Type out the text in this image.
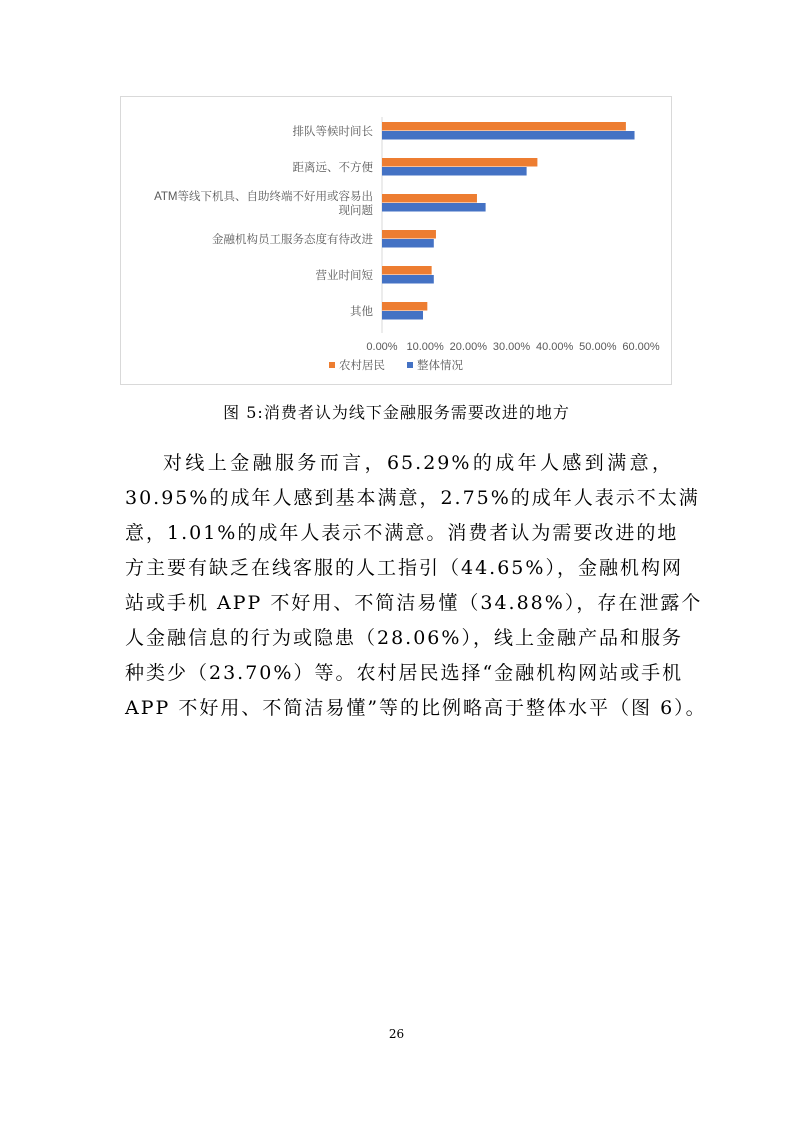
排队等候时间长
距离远、不方便
ATM等线下机具、自助终端不好用或容易出
现问题
金融机构员工服务态度有待改进
营业时间短
其他
0.00% 10.00% 20.00% 30.00% 40.00% 50.00% 60.00%
农村居民	整体情况
图 5:消费者认为线下金融服务需要改进的地方
对线上金融服务而言，65.29%的成年人感到满意，
30.95%的成年人感到基本满意，2.75%的成年人表示不太满
意，1.01%的成年人表示不满意。消费者认为需要改进的地
方主要有缺乏在线客服的人工指引（44.65%），金融机构网
站或手机 APP 不好用、不简洁易懂（34.88%），存在泄露个
人金融信息的行为或隐患（28.06%），线上金融产品和服务
种类少（23.70%）等。农村居民选择“金融机构网站或手机
APP 不好用、不简洁易懂”等的比例略高于整体水平（图 6）。
26
